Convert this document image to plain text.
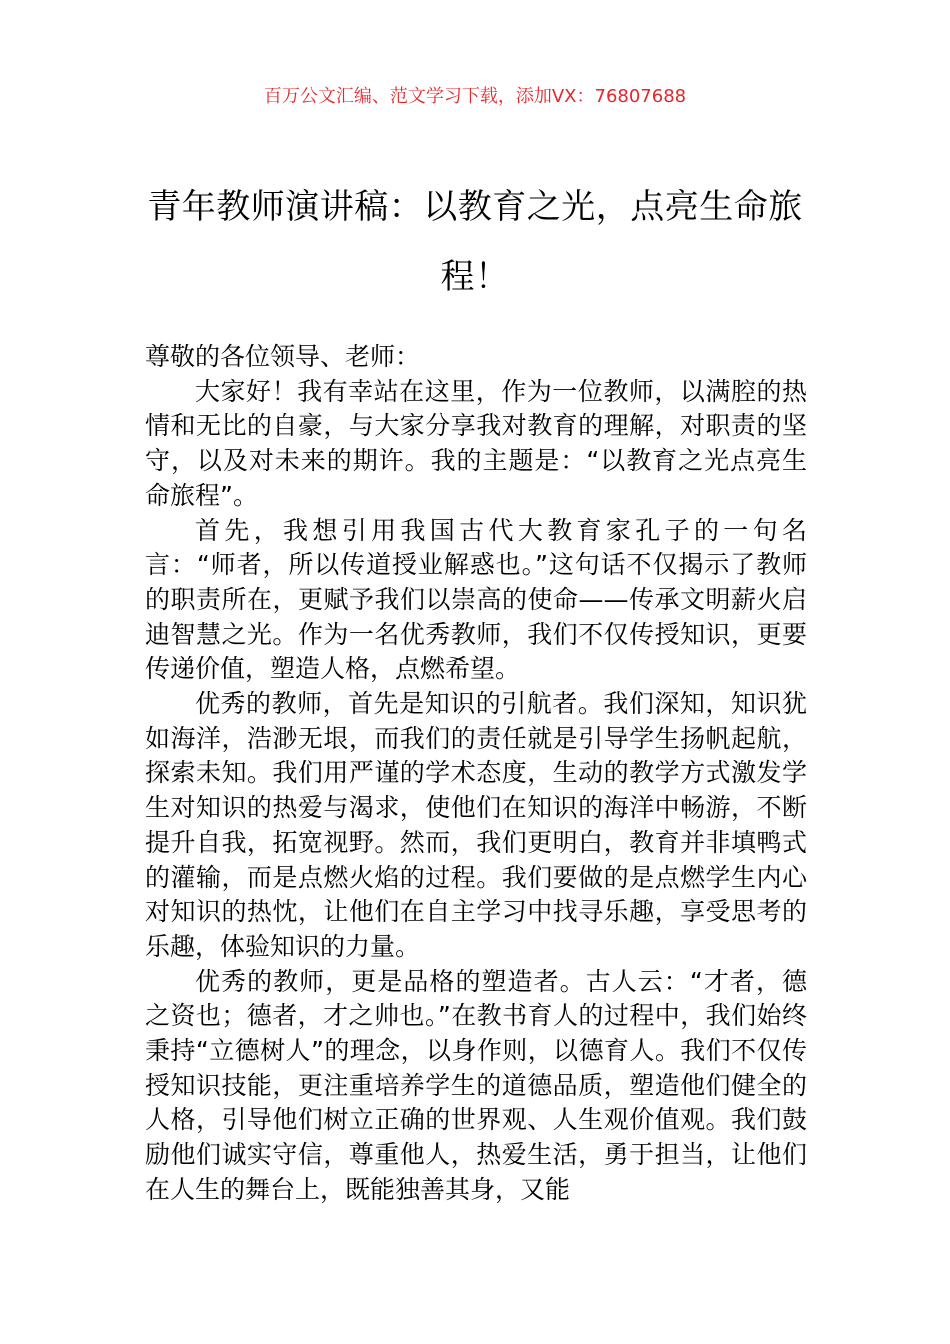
百万公文汇编、范文学习下载，添加VX：76807688
青年教师演讲稿：以教育之光，点亮生命旅程！

尊敬的各位领导、老师：

大家好！我有幸站在这里，作为一位教师，以满腔的热情和无比的自豪，与大家分享我对教育的理解，对职责的坚守，以及对未来的期许。我的主题是：“以教育之光点亮生命旅程”。

首先，我想引用我国古代大教育家孔子的一句名言：“师者，所以传道授业解惑也。”这句话不仅揭示了教师的职责所在，更赋予我们以崇高的使命——传承文明薪火启迪智慧之光。作为一名优秀教师，我们不仅传授知识，更要传递价值，塑造人格，点燃希望。

优秀的教师，首先是知识的引航者。我们深知，知识犹如海洋，浩渺无垠，而我们的责任就是引导学生扬帆起航，探索未知。我们用严谨的学术态度，生动的教学方式激发学生对知识的热爱与渴求，使他们在知识的海洋中畅游，不断提升自我，拓宽视野。然而，我们更明白，教育并非填鸭式的灌输，而是点燃火焰的过程。我们要做的是点燃学生内心对知识的热忱，让他们在自主学习中找寻乐趣，享受思考的乐趣，体验知识的力量。

优秀的教师，更是品格的塑造者。古人云：“才者，德之资也；德者，才之帅也。”在教书育人的过程中，我们始终秉持“立德树人”的理念，以身作则，以德育人。我们不仅传授知识技能，更注重培养学生的道德品质，塑造他们健全的人格，引导他们树立正确的世界观、人生观价值观。我们鼓励他们诚实守信，尊重他人，热爱生活，勇于担当，让他们在人生的舞台上，既能独善其身，又能
